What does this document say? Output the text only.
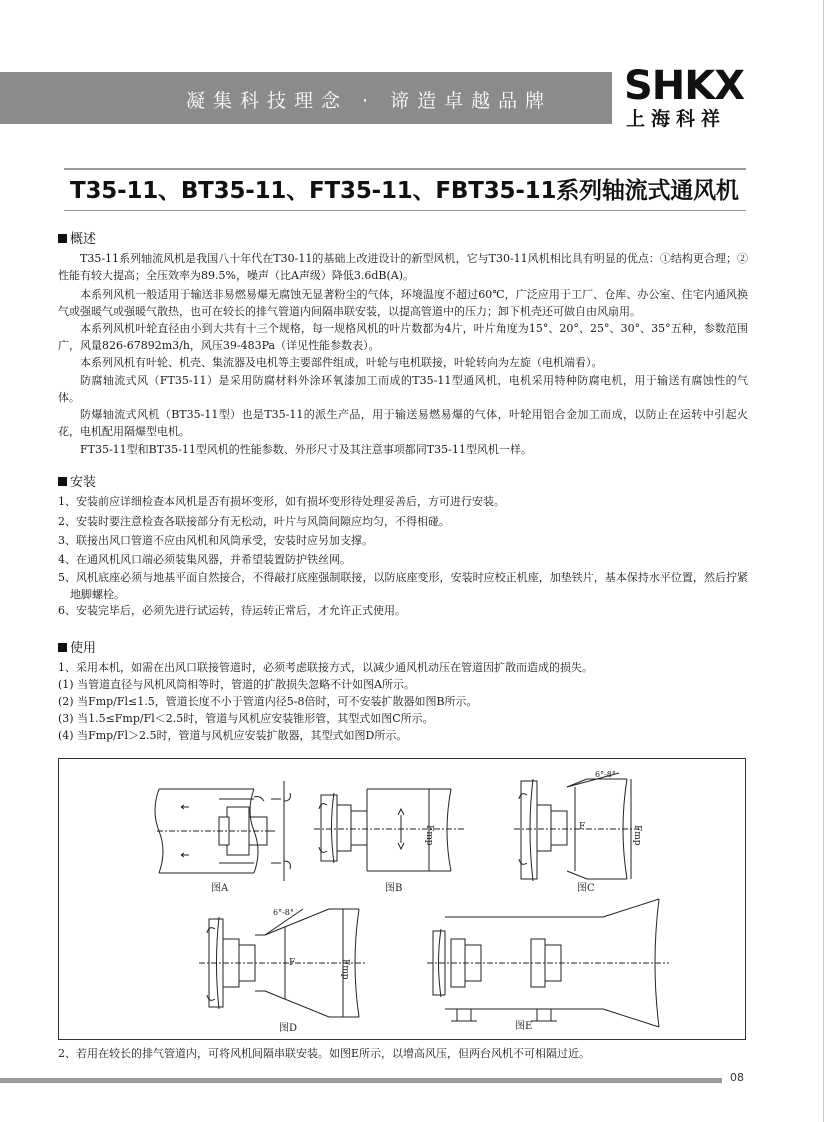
凝集科技理念 · 谛造卓越品牌 SHKX
上海科祥
T35-11、BT35-11、FT35-11、FBT35-11系列轴流式通风机
概述
T35-11系列轴流风机是我国八十年代在T30-11的基础上改进设计的新型风机，它与T30-11风机相比具有明显的优点：①结构更合理；②性能有较大提高；全压效率为89.5%，噪声（比A声级）降低3.6dB(A)。
本系列风机一般适用于输送非易燃易爆无腐蚀无显著粉尘的气体，环境温度不超过60℃，广泛应用于工厂、仓库、办公室、住宅内通风换气或强暖气或强暖气散热，也可在较长的排气管道内间隔串联安装，以提高管道中的压力；卸下机壳还可做自由风扇用。
本系列风机叶轮直径由小到大共有十三个规格，每一规格风机的叶片数都为4片，叶片角度为15°、20°、25°、30°、35°五种，参数范围广，风量826-67892m3/h，风压39-483Pa（详见性能参数表）。
本系列风机有叶轮、机壳、集流器及电机等主要部件组成，叶轮与电机联接，叶轮转向为左旋（电机端看）。
防腐轴流式风（FT35-11）是采用防腐材料外涂环氧漆加工而成的T35-11型通风机，电机采用特种防腐电机，用于输送有腐蚀性的气体。
防爆轴流式风机（BT35-11型）也是T35-11的派生产品，用于输送易燃易爆的气体，叶轮用铝合金加工而成，以防止在运转中引起火花，电机配用隔爆型电机。
FT35-11型和BT35-11型风机的性能参数、外形尺寸及其注意事项都同T35-11型风机一样。
安装
1、安装前应详细检查本风机是否有损坏变形，如有损坏变形待处理妥善后，方可进行安装。
2、安装时要注意检查各联接部分有无松动，叶片与风筒间隙应均匀，不得相碰。
3、联接出风口管道不应由风机和风筒承受，安装时应另加支撑。
4、在通风机风口端必须装集风器，并希望装置防护铁丝网。
5、风机底座必须与地基平面自然接合，不得敲打底座强制联接，以防底座变形，安装时应校正机座，加垫铁片，基本保持水平位置，然后拧紧地脚螺栓。
6、安装完毕后，必须先进行试运转，待运转正常后，才允许正式使用。
使用
1、采用本机，如需在出风口联接管道时，必须考虑联接方式，以减少通风机动压在管道因扩散而造成的损失。
(1) 当管道直径与风机风筒相等时，管道的扩散损失忽略不计如图A所示。
(2) 当Fmp/Fl≤1.5，管道长度不小于管道内径5-8倍时，可不安装扩散器如图B所示。
(3) 当1.5≤Fmp/Fl＜2.5时，管道与风机应安装锥形管，其型式如图C所示。
(4) 当Fmp/Fl＞2.5时，管道与风机应安装扩散器，其型式如图D所示。
图A
Fmp
图B
F	Fmp
6°-8°
图C
F	Fmp
6°-8°
图D	图E
2、若用在较长的排气管道内，可将风机间隔串联安装。如图E所示，以增高风压，但两台风机不可相隔过近。
08
